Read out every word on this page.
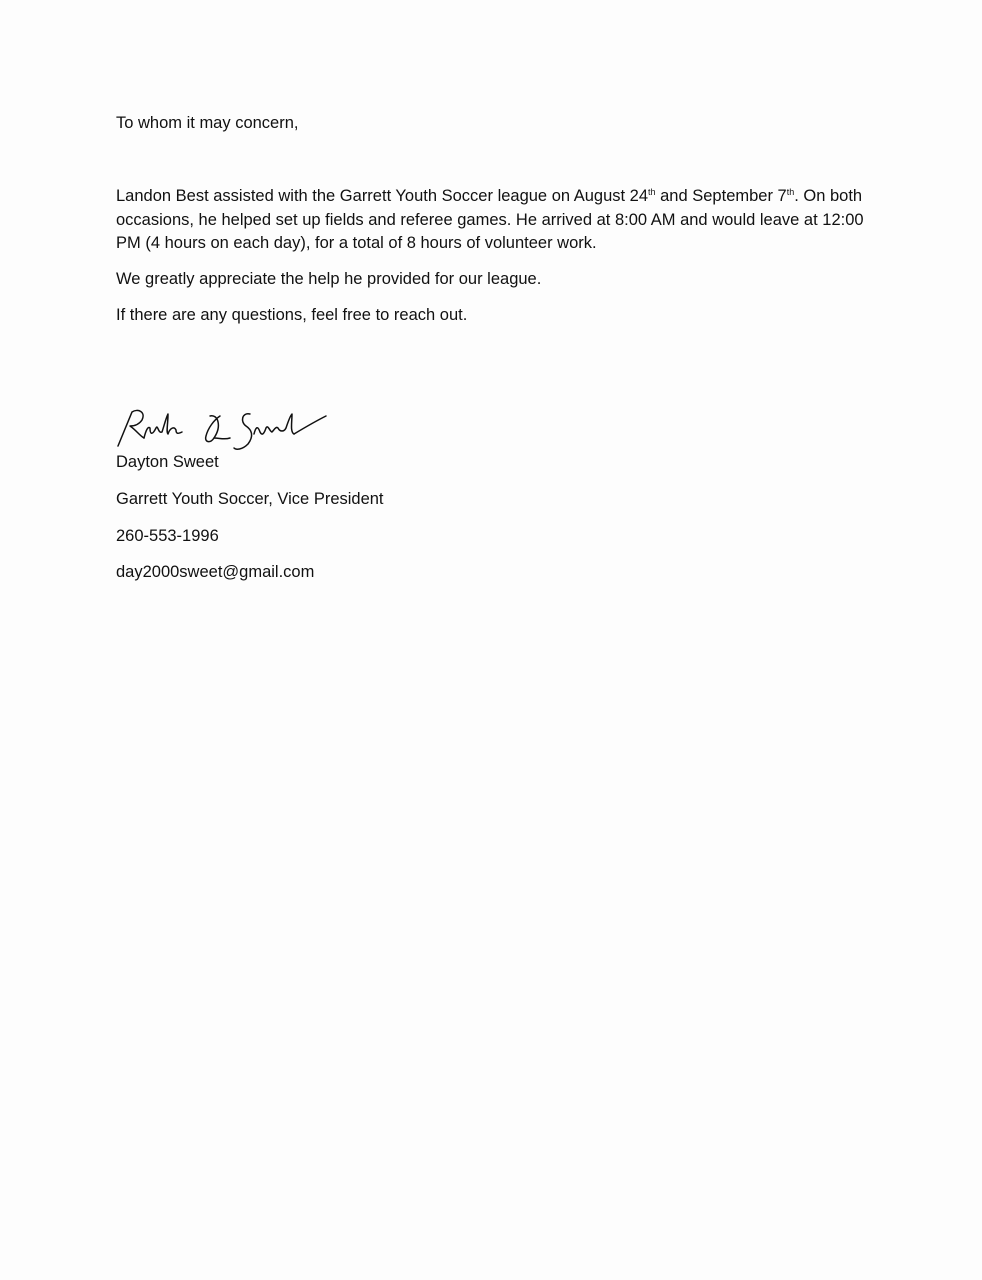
To whom it may concern,
Landon Best assisted with the Garrett Youth Soccer league on August 24th and September 7th. On both occasions, he helped set up fields and referee games. He arrived at 8:00 AM and would leave at 12:00 PM (4 hours on each day), for a total of 8 hours of volunteer work.
We greatly appreciate the help he provided for our league.
If there are any questions, feel free to reach out.
Dayton Sweet
Garrett Youth Soccer, Vice President
260-553-1996
day2000sweet@gmail.com
